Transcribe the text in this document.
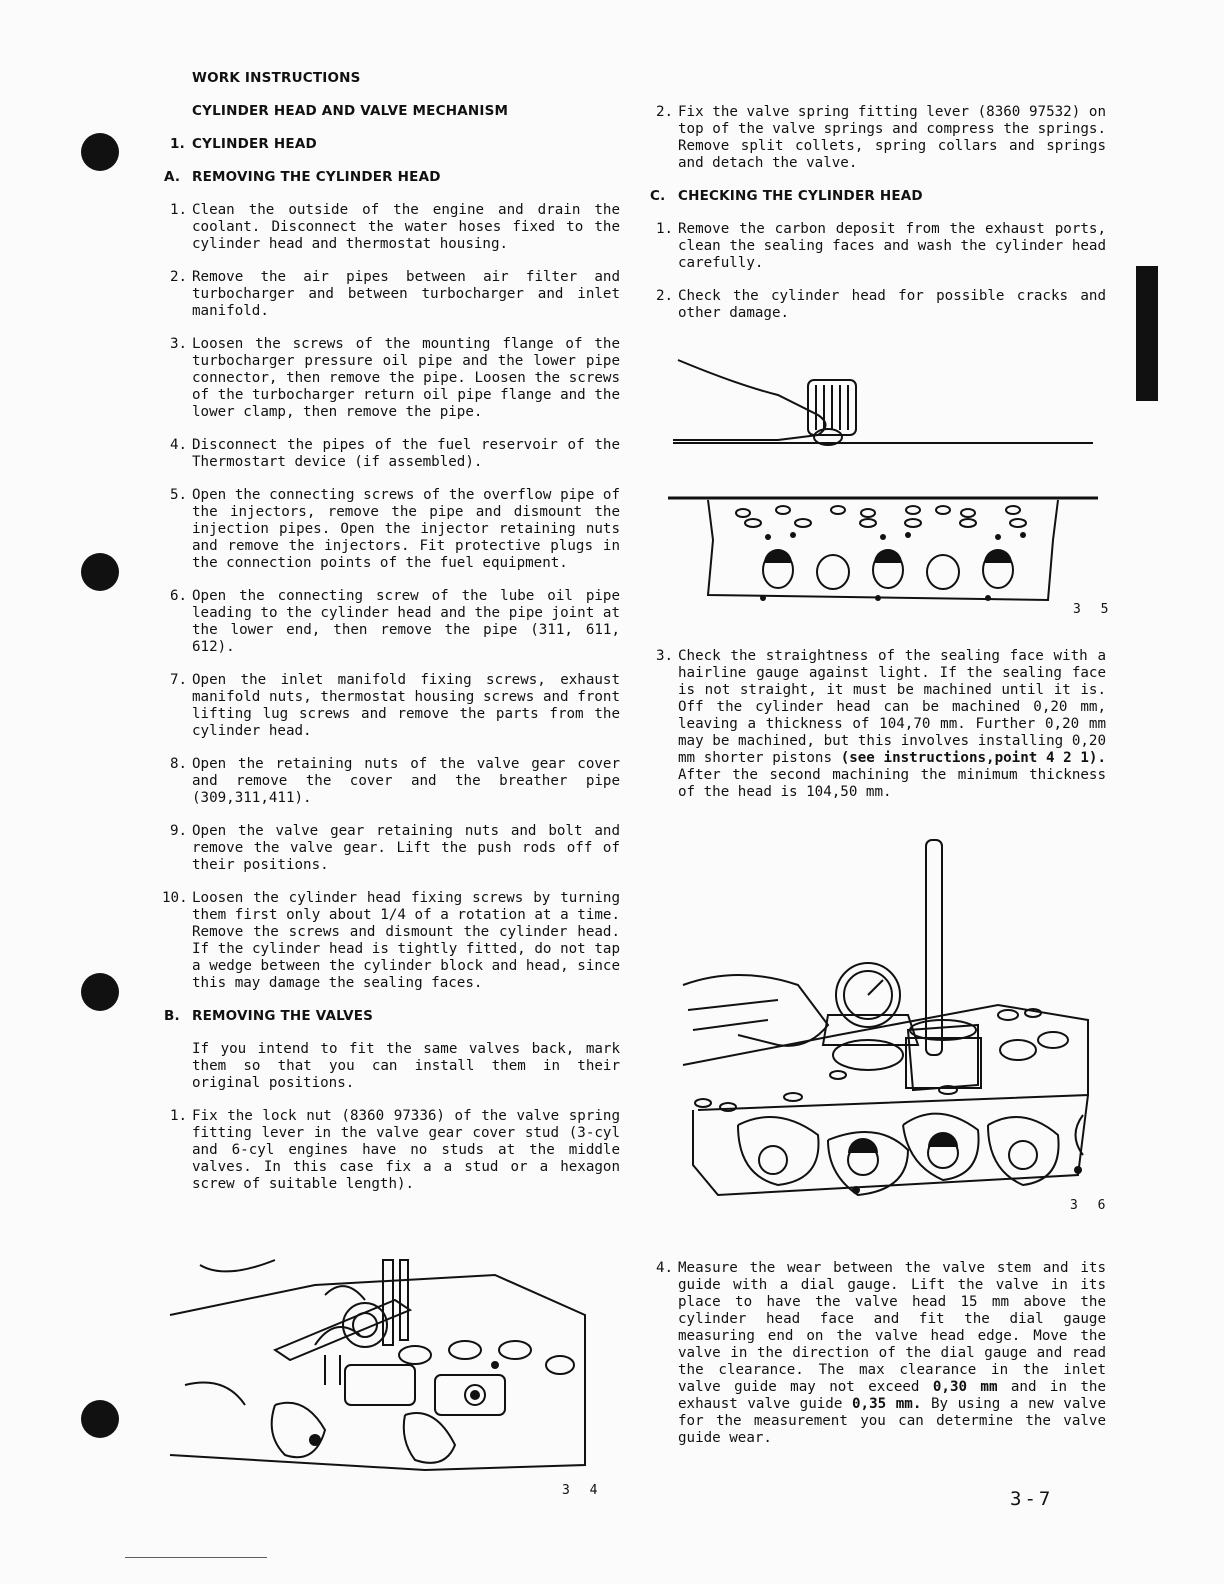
WORK INSTRUCTIONS
CYLINDER HEAD AND VALVE MECHANISM
1. CYLINDER HEAD
A. REMOVING THE CYLINDER HEAD
1. Clean the outside of the engine and drain the coolant. Disconnect the water hoses fixed to the cylinder head and thermostat housing.
2. Remove the air pipes between air filter and turbocharger and between turbocharger and inlet manifold.
3. Loosen the screws of the mounting flange of the turbocharger pressure oil pipe and the lower pipe connector, then remove the pipe. Loosen the screws of the turbocharger return oil pipe flange and the lower clamp, then remove the pipe.
4. Disconnect the pipes of the fuel reservoir of the Thermostart device (if assembled).
5. Open the connecting screws of the overflow pipe of the injectors, remove the pipe and dismount the injection pipes. Open the injector retaining nuts and remove the injectors. Fit protective plugs in the connection points of the fuel equipment.
6. Open the connecting screw of the lube oil pipe leading to the cylinder head and the pipe joint at the lower end, then remove the pipe (311, 611, 612).
7. Open the inlet manifold fixing screws, exhaust manifold nuts, thermostat housing screws and front lifting lug screws and remove the parts from the cylinder head.
8. Open the retaining nuts of the valve gear cover and remove the cover and the breather pipe (309,311,411).
9. Open the valve gear retaining nuts and bolt and remove the valve gear. Lift the push rods off of their positions.
10. Loosen the cylinder head fixing screws by turning them first only about 1/4 of a rotation at a time. Remove the screws and dismount the cylinder head. If the cylinder head is tightly fitted, do not tap a wedge between the cylinder block and head, since this may damage the sealing faces.
B. REMOVING THE VALVES
If you intend to fit the same valves back, mark them so that you can install them in their original positions.
1. Fix the lock nut (8360 97336) of the valve spring fitting lever in the valve gear cover stud (3-cyl and 6-cyl engines have no studs at the middle valves. In this case fix a a stud or a hexagon screw of suitable length).
3 4
2. Fix the valve spring fitting lever (8360 97532) on top of the valve springs and compress the springs. Remove split collets, spring collars and springs and detach the valve.
C. CHECKING THE CYLINDER HEAD
1. Remove the carbon deposit from the exhaust ports, clean the sealing faces and wash the cylinder head carefully.
2. Check the cylinder head for possible cracks and other damage.
3 5
3. Check the straightness of the sealing face with a hairline gauge against light. If the sealing face is not straight, it must be machined until it is. Off the cylinder head can be machined 0,20 mm, leaving a thickness of 104,70 mm. Further 0,20 mm may be machined, but this involves installing 0,20 mm shorter pistons (see instructions,point 4 2 1). After the second machining the minimum thickness of the head is 104,50 mm.
3 6
4. Measure the wear between the valve stem and its guide with a dial gauge. Lift the valve in its place to have the valve head 15 mm above the cylinder head face and fit the dial gauge measuring end on the valve head edge. Move the valve in the direction of the dial gauge and read the clearance. The max clearance in the inlet valve guide may not exceed 0,30 mm and in the exhaust valve guide 0,35 mm. By using a new valve for the measurement you can determine the valve guide wear.
3-7
